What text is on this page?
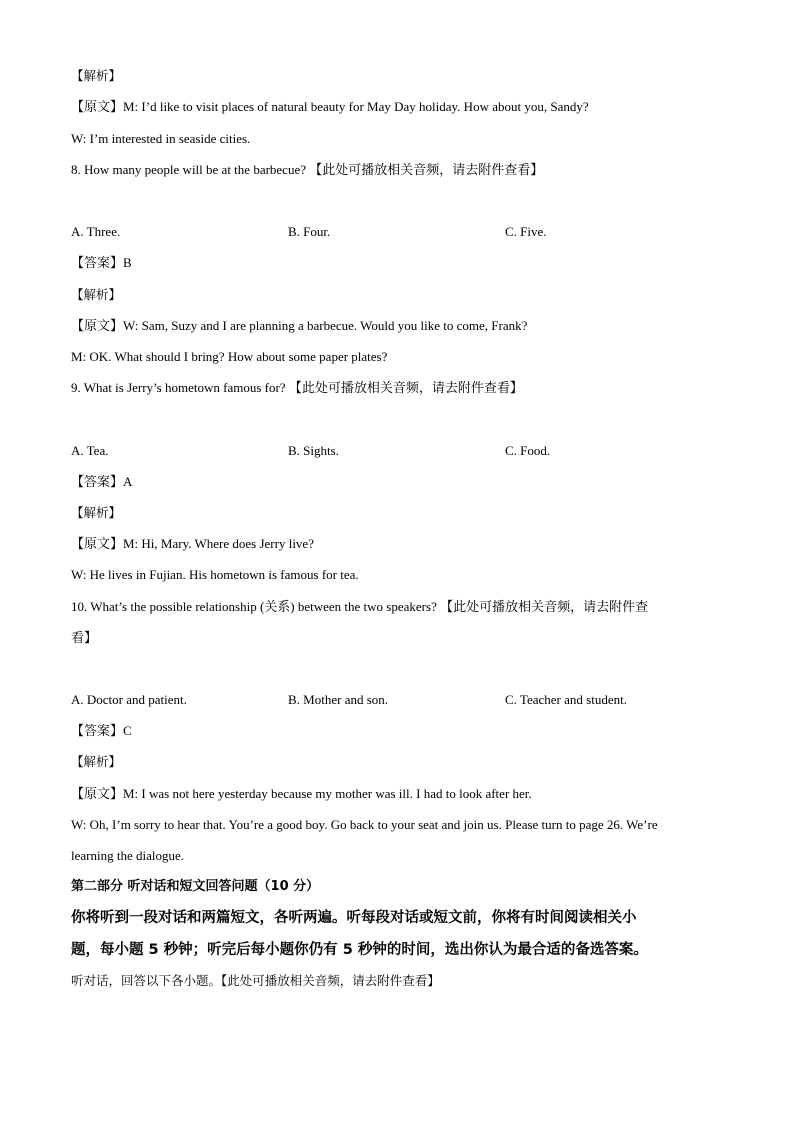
【解析】
【原文】M: I’d like to visit places of natural beauty for May Day holiday. How about you, Sandy?
W: I’m interested in seaside cities.
8. How many people will be at the barbecue? 【此处可播放相关音频，请去附件查看】
A. Three.	B. Four.	C. Five.
【答案】B
【解析】
【原文】W: Sam, Suzy and I are planning a barbecue. Would you like to come, Frank?
M: OK. What should I bring? How about some paper plates?
9. What is Jerry’s hometown famous for? 【此处可播放相关音频，请去附件查看】
A. Tea.	B. Sights.	C. Food.
【答案】A
【解析】
【原文】M: Hi, Mary. Where does Jerry live?
W: He lives in Fujian. His hometown is famous for tea.
10. What’s the possible relationship (关系) between the two speakers? 【此处可播放相关音频，请去附件查
看】
A. Doctor and patient.	B. Mother and son.	C. Teacher and student.
【答案】C
【解析】
【原文】M: I was not here yesterday because my mother was ill. I had to look after her.
W: Oh, I’m sorry to hear that. You’re a good boy. Go back to your seat and join us. Please turn to page 26. We’re
learning the dialogue.
第二部分 听对话和短文回答问题（10 分）
你将听到一段对话和两篇短文，各听两遍。听每段对话或短文前，你将有时间阅读相关小
题，每小题 5 秒钟；听完后每小题你仍有 5 秒钟的时间，选出你认为最合适的备选答案。
听对话，回答以下各小题。【此处可播放相关音频，请去附件查看】
